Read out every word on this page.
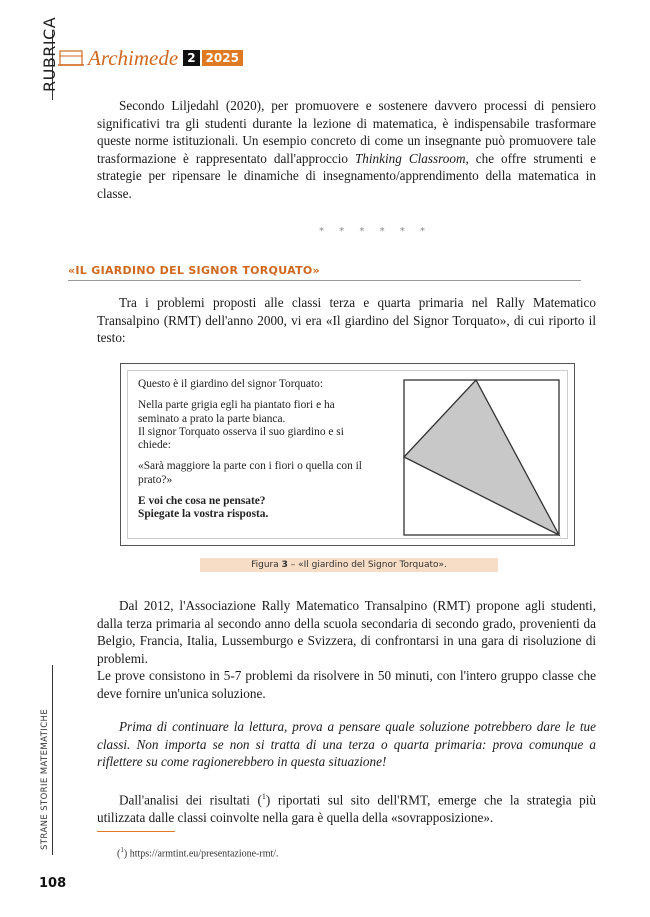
RUBRICA
STRANE STORIE MATEMATICHE
Archimede 2 2025

Secondo Liljedahl (2020), per promuovere e sostenere davvero processi di pensiero significativi tra gli studenti durante la lezione di matematica, è indispensabile trasformare queste norme istituzionali. Un esempio concreto di come un insegnante può promuovere tale trasformazione è rappresentato dall'approccio Thinking Classroom, che offre strumenti e strategie per ripensare le dinamiche di insegnamento/apprendimento della matematica in classe.

* * * * * *
«IL GIARDINO DEL SIGNOR TORQUATO»

Tra i problemi proposti alle classi terza e quarta primaria nel Rally Matematico Transalpino (RMT) dell'anno 2000, vi era «Il giardino del Signor Torquato», di cui riporto il testo:

Questo è il giardino del signor Torquato:

Nella parte grigia egli ha piantato fiori e ha seminato a prato la parte bianca.

Il signor Torquato osserva il suo giardino e si chiede:

«Sarà maggiore la parte con i fiori o quella con il prato?»

E voi che cosa ne pensate?

Spiegate la vostra risposta.

Figura 3 – «Il giardino del Signor Torquato».

Dal 2012, l'Associazione Rally Matematico Transalpino (RMT) propone agli studenti, dalla terza primaria al secondo anno della scuola secondaria di secondo grado, provenienti da Belgio, Francia, Italia, Lussemburgo e Svizzera, di confrontarsi in una gara di risoluzione di problemi.

Le prove consistono in 5-7 problemi da risolvere in 50 minuti, con l'intero gruppo classe che deve fornire un'unica soluzione.

Prima di continuare la lettura, prova a pensare quale soluzione potrebbero dare le tue classi. Non importa se non si tratta di una terza o quarta primaria: prova comunque a riflettere su come ragionerebbero in questa situazione!

Dall'analisi dei risultati ($^1$) riportati sul sito dell'RMT, emerge che la strategia più utilizzata dalle classi coinvolte nella gara è quella della «sovrapposizione».

($^1$) https://armtint.eu/presentazione-rmt/.
108
